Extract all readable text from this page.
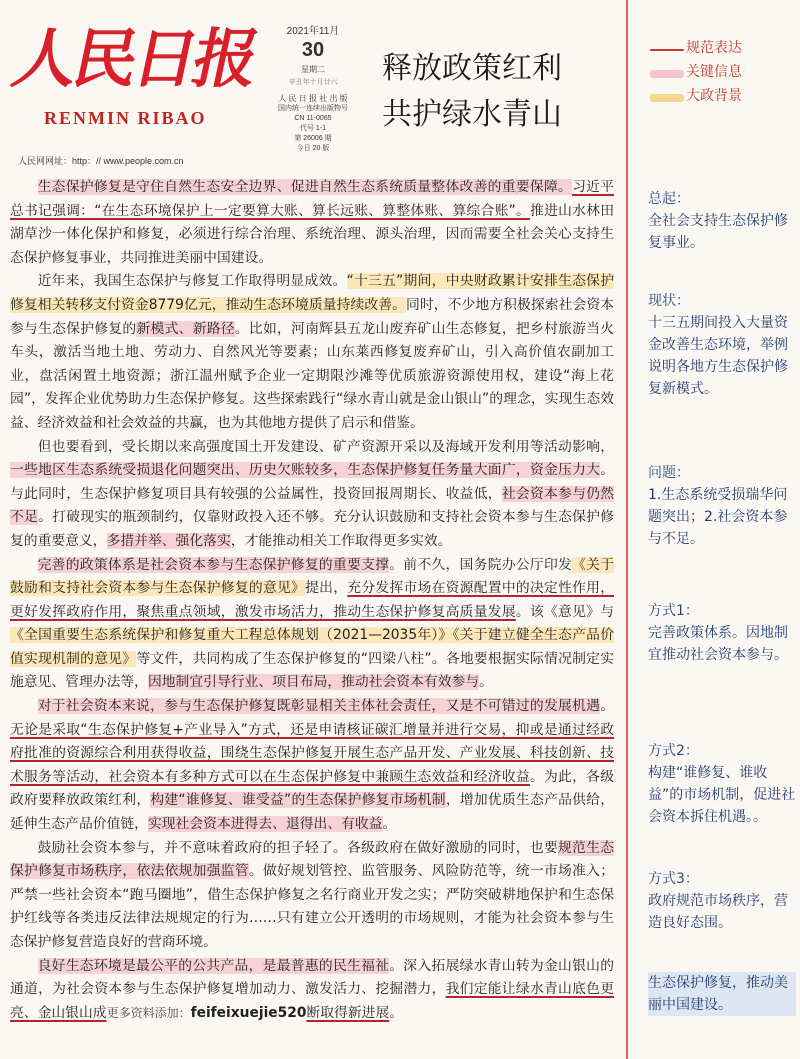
人民日报
RENMIN RIBAO
人民网网址：http：// www.people.com.cn
2021年11月
30
星期二
辛丑年十月廿六
人 民 日 报 社 出 版
国内统一连续出版物号
CN 11-0065
代号 1-1
第 26006 期
今日 20 版
释放政策红利
共护绿水青山
规范表达
关键信息
大政背景

生态保护修复是守住自然生态安全边界、促进自然生态系统质量整体改善的重要保障。习近平总书记强调：“在生态环境保护上一定要算大账、算长远账、算整体账、算综合账”。推进山水林田湖草沙一体化保护和修复，必须进行综合治理、系统治理、源头治理，因而需要全社会关心支持生态保护修复事业，共同推进美丽中国建设。

近年来，我国生态保护与修复工作取得明显成效。“十三五”期间，中央财政累计安排生态保护修复相关转移支付资金8779亿元，推动生态环境质量持续改善。同时，不少地方积极探索社会资本参与生态保护修复的新模式、新路径。比如，河南辉县五龙山废弃矿山生态修复，把乡村旅游当火车头，激活当地土地、劳动力、自然风光等要素；山东莱西修复废弃矿山，引入高价值农副加工业，盘活闲置土地资源；浙江温州赋予企业一定期限沙滩等优质旅游资源使用权，建设“海上花园”，发挥企业优势助力生态保护修复。这些探索践行“绿水青山就是金山银山”的理念，实现生态效益、经济效益和社会效益的共赢，也为其他地方提供了启示和借鉴。

但也要看到，受长期以来高强度国土开发建设、矿产资源开采以及海域开发利用等活动影响，一些地区生态系统受损退化问题突出、历史欠账较多，生态保护修复任务量大面广，资金压力大。与此同时，生态保护修复项目具有较强的公益属性，投资回报周期长、收益低，社会资本参与仍然不足。打破现实的瓶颈制约，仅靠财政投入还不够。充分认识鼓励和支持社会资本参与生态保护修复的重要意义，多措并举、强化落实，才能推动相关工作取得更多实效。

完善的政策体系是社会资本参与生态保护修复的重要支撑。前不久，国务院办公厅印发《关于鼓励和支持社会资本参与生态保护修复的意见》提出，充分发挥市场在资源配置中的决定性作用，更好发挥政府作用，聚焦重点领域，激发市场活力，推动生态保护修复高质量发展。该《意见》与《全国重要生态系统保护和修复重大工程总体规划（2021—2035年）》《关于建立健全生态产品价值实现机制的意见》等文件，共同构成了生态保护修复的“四梁八柱”。各地要根据实际情况制定实施意见、管理办法等，因地制宜引导行业、项目布局，推动社会资本有效参与。

对于社会资本来说，参与生态保护修复既彰显相关主体社会责任，又是不可错过的发展机遇。无论是采取“生态保护修复+产业导入”方式，还是申请核证碳汇增量并进行交易，抑或是通过经政府批准的资源综合利用获得收益，围绕生态保护修复开展生态产品开发、产业发展、科技创新、技术服务等活动，社会资本有多种方式可以在生态保护修复中兼顾生态效益和经济收益。为此，各级政府要释放政策红利，构建“谁修复、谁受益”的生态保护修复市场机制，增加优质生态产品供给，延伸生态产品价值链，实现社会资本进得去、退得出、有收益。

鼓励社会资本参与，并不意味着政府的担子轻了。各级政府在做好激励的同时，也要规范生态保护修复市场秩序，依法依规加强监管。做好规划管控、监管服务、风险防范等，统一市场准入；严禁一些社会资本“跑马圈地”，借生态保护修复之名行商业开发之实；严防突破耕地保护和生态保护红线等各类违反法律法规规定的行为……只有建立公开透明的市场规则，才能为社会资本参与生态保护修复营造良好的营商环境。

良好生态环境是最公平的公共产品，是最普惠的民生福祉。深入拓展绿水青山转为金山银山的通道，为社会资本参与生态保护修复增加动力、激发活力、挖掘潜力，我们定能让绿水青山底色更亮、金山银山成更多资料添加：feifeixuejie520断取得新进展。

总起：
全社会支持生态保护修复事业。
现状：
十三五期间投入大量资金改善生态环境，举例说明各地方生态保护修复新模式。
问题：
1.生态系统受损瑞华问题突出；2.社会资本参与不足。
方式1：
完善政策体系。因地制宜推动社会资本参与。
方式2：
构建“谁修复、谁收益”的市场机制，促进社会资本拆住机遇。。
方式3：
政府规范市场秩序，营造良好态围。
生态保护修复，推动美丽中国建设。
